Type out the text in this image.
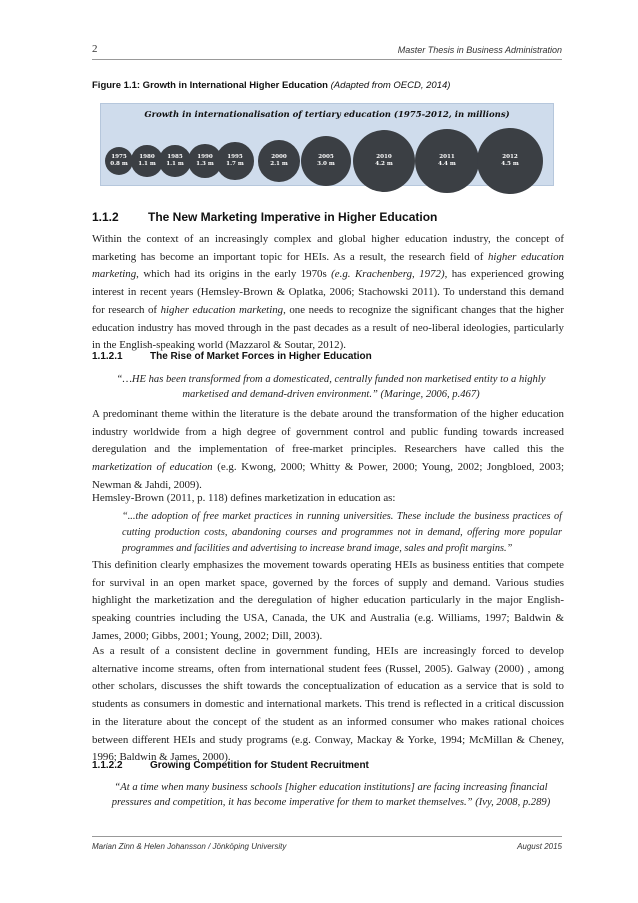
2	Master Thesis in Business Administration
Figure 1.1: Growth in International Higher Education (Adapted from OECD, 2014)
Growth in internationalisation of tertiary education (1975-2012, in millions)
1975
0.8 m
1980
1.1 m
1985
1.1 m
1990
1.3 m
1995
1.7 m
2000
2.1 m
2005
3.0 m
2010
4.2 m
2011
4.4 m
2012
4.5 m
1.1.2 The New Marketing Imperative in Higher Education
Within the context of an increasingly complex and global higher education industry, the concept of marketing has become an important topic for HEIs. As a result, the research field of higher education marketing, which had its origins in the early 1970s (e.g. Krachenberg, 1972), has experienced growing interest in recent years (Hemsley-Brown & Oplatka, 2006; Stachowski 2011). To understand this demand for research of higher education marketing, one needs to recognize the significant changes that the higher education industry has moved through in the past decades as a result of neo-liberal ideologies, particularly in the English-speaking world (Mazzarol & Soutar, 2012).
1.1.2.1	The Rise of Market Forces in Higher Education
“…HE has been transformed from a domesticated, centrally funded non marketised entity to a highly marketised and demand-driven environment.” (Maringe, 2006, p.467)
A predominant theme within the literature is the debate around the transformation of the higher education industry worldwide from a high degree of government control and public funding towards increased deregulation and the implementation of free-market principles. Researchers have called this the marketization of education (e.g. Kwong, 2000; Whitty & Power, 2000; Young, 2002; Jongbloed, 2003; Newman & Jahdi, 2009).
Hemsley-Brown (2011, p. 118) defines marketization in education as:
“...the adoption of free market practices in running universities. These include the business practices of cutting production costs, abandoning courses and programmes not in demand, offering more popular programmes and facilities and advertising to increase brand image, sales and profit margins.”
This definition clearly emphasizes the movement towards operating HEIs as business entities that compete for survival in an open market space, governed by the forces of supply and demand. Various studies highlight the marketization and the deregulation of higher education particularly in the major English-speaking countries including the USA, Canada, the UK and Australia (e.g. Williams, 1997; Baldwin & James, 2000; Gibbs, 2001; Young, 2002; Dill, 2003).
As a result of a consistent decline in government funding, HEIs are increasingly forced to develop alternative income streams, often from international student fees (Russel, 2005). Galway (2000) , among other scholars, discusses the shift towards the conceptualization of education as a service that is sold to students as consumers in domestic and international markets. This trend is reflected in a critical discussion in the literature about the concept of the student as an informed consumer who makes rational choices between different HEIs and study programs (e.g. Conway, Mackay & Yorke, 1994; McMillan & Cheney, 1996; Baldwin & James, 2000).
1.1.2.2	Growing Competition for Student Recruitment
“At a time when many business schools [higher education institutions] are facing increasing financial pressures and competition, it has become imperative for them to market themselves.” (Ivy, 2008, p.289)
Marian Zinn & Helen Johansson / Jönköping University	August 2015
